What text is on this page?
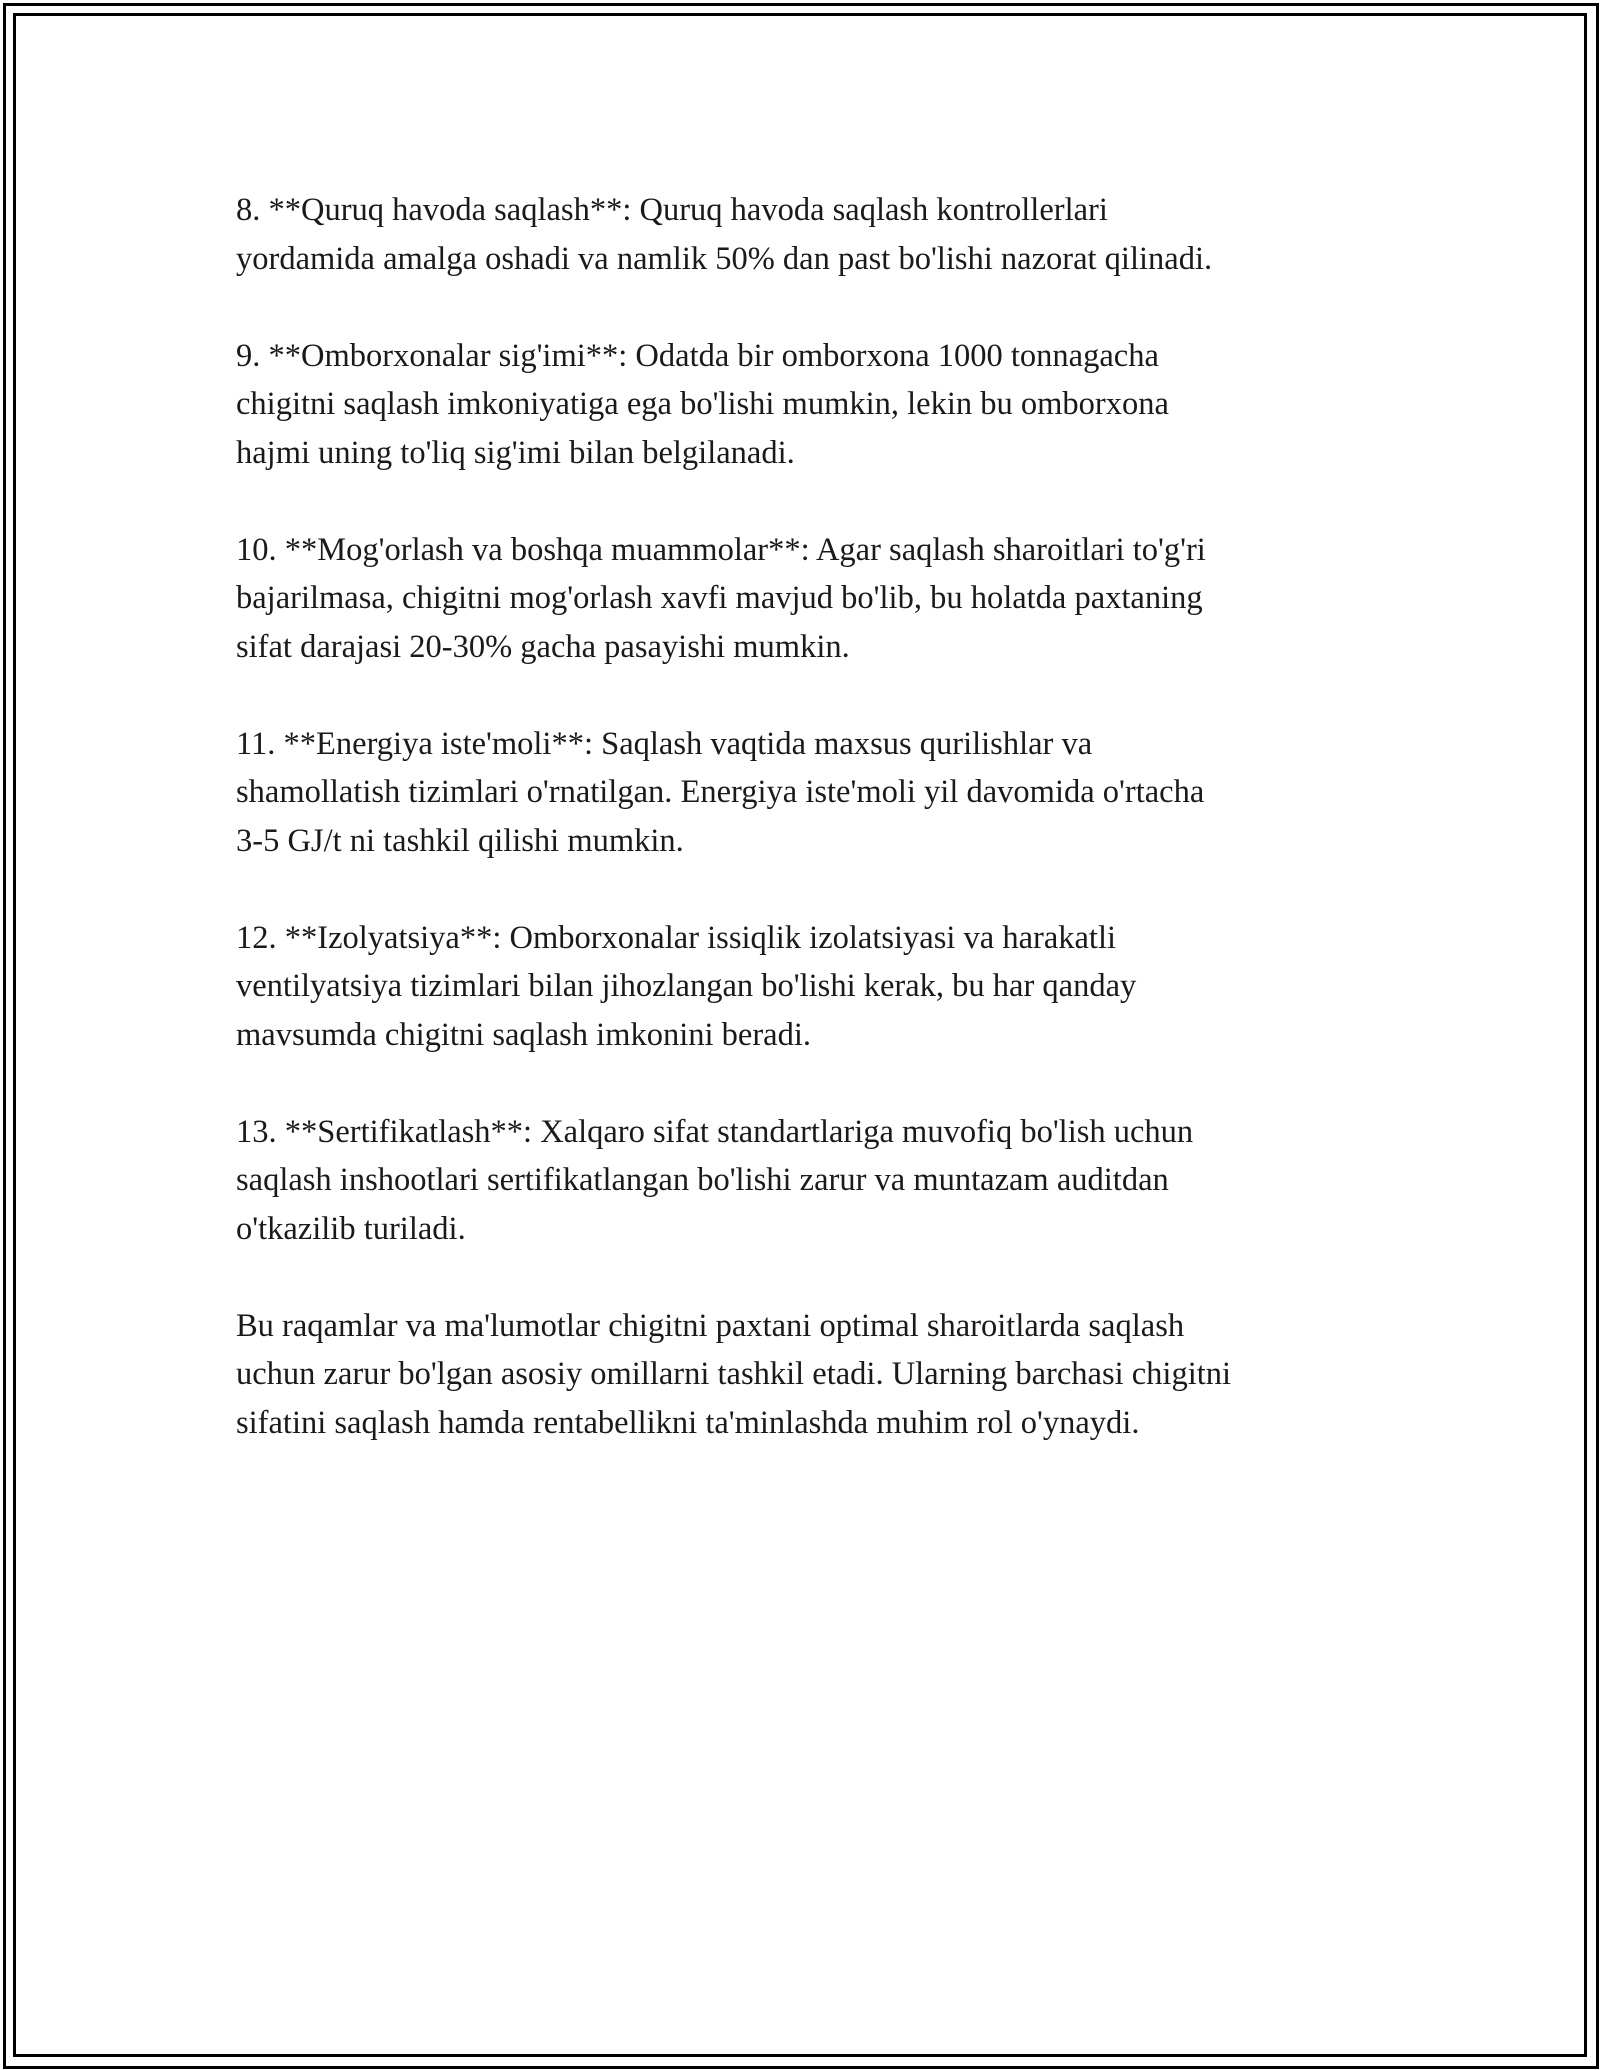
8. **Quruq havoda saqlash**: Quruq havoda saqlash kontrollerlari
yordamida amalga oshadi va namlik 50% dan past bo'lishi nazorat qilinadi.

9. **Omborxonalar sig'imi**: Odatda bir omborxona 1000 tonnagacha
chigitni saqlash imkoniyatiga ega bo'lishi mumkin, lekin bu omborxona
hajmi uning to'liq sig'imi bilan belgilanadi.

10. **Mog'orlash va boshqa muammolar**: Agar saqlash sharoitlari to'g'ri
bajarilmasa, chigitni mog'orlash xavfi mavjud bo'lib, bu holatda paxtaning
sifat darajasi 20-30% gacha pasayishi mumkin.

11. **Energiya iste'moli**: Saqlash vaqtida maxsus qurilishlar va
shamollatish tizimlari o'rnatilgan. Energiya iste'moli yil davomida o'rtacha
3-5 GJ/t ni tashkil qilishi mumkin.

12. **Izolyatsiya**: Omborxonalar issiqlik izolatsiyasi va harakatli
ventilyatsiya tizimlari bilan jihozlangan bo'lishi kerak, bu har qanday
mavsumda chigitni saqlash imkonini beradi.

13. **Sertifikatlash**: Xalqaro sifat standartlariga muvofiq bo'lish uchun
saqlash inshootlari sertifikatlangan bo'lishi zarur va muntazam auditdan
o'tkazilib turiladi.

Bu raqamlar va ma'lumotlar chigitni paxtani optimal sharoitlarda saqlash
uchun zarur bo'lgan asosiy omillarni tashkil etadi. Ularning barchasi chigitni
sifatini saqlash hamda rentabellikni ta'minlashda muhim rol o'ynaydi.
